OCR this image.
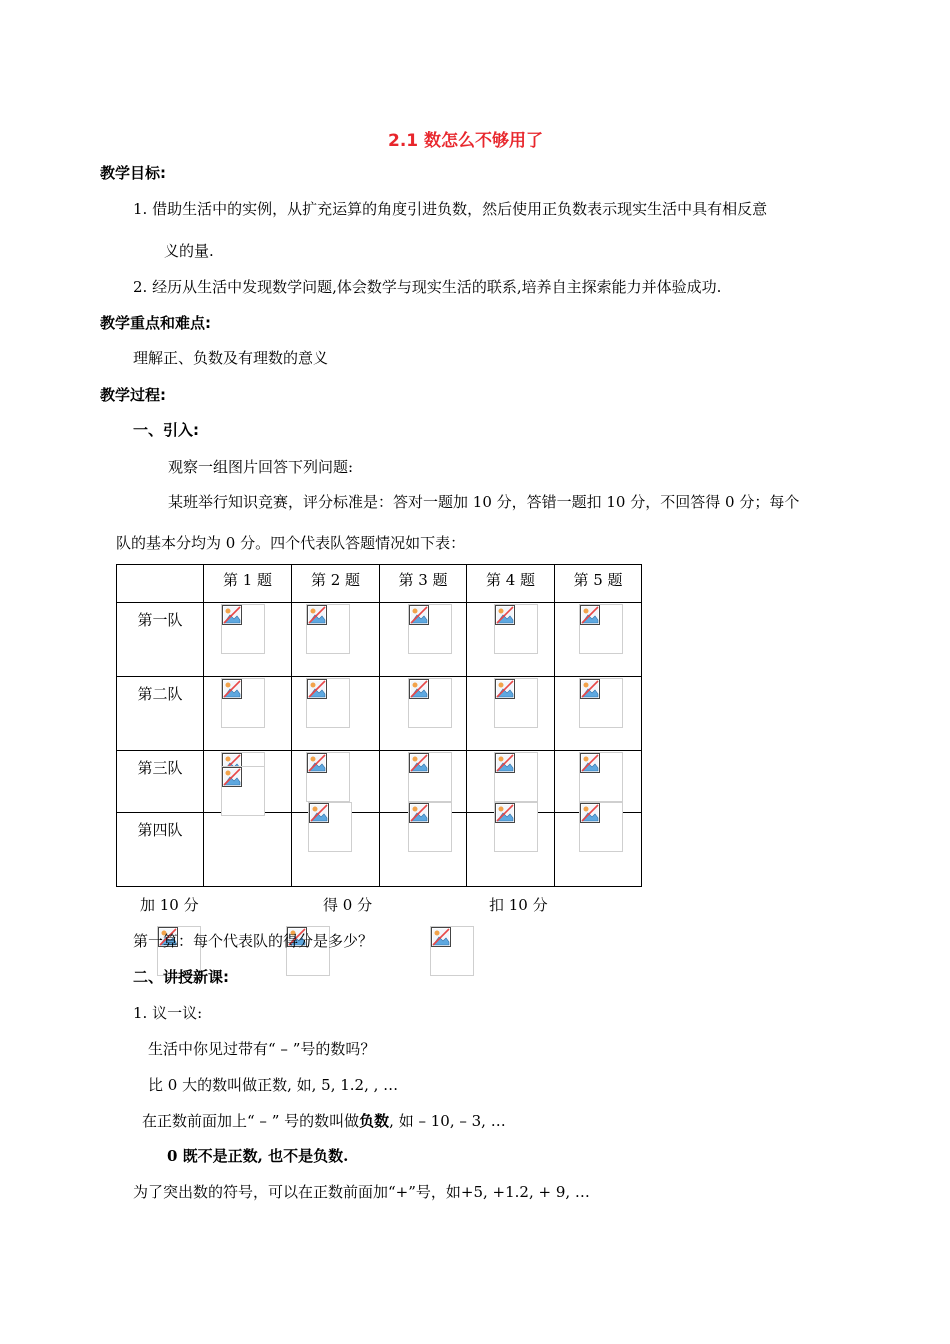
2.1 数怎么不够用了
教学目标:
1. 借助生活中的实例，从扩充运算的角度引进负数，然后使用正负数表示现实生活中具有相反意
义的量.
2. 经历从生活中发现数学问题,体会数学与现实生活的联系,培养自主探索能力并体验成功.
教学重点和难点:
理解正、负数及有理数的意义
教学过程:
一、引入:
观察一组图片回答下列问题:
某班举行知识竞赛，评分标准是：答对一题加 10 分，答错一题扣 10 分，不回答得 0 分；每个
队的基本分均为 0 分。四个代表队答题情况如下表：
	第 1 题	第 2 题	第 3 题	第 4 题	第 5 题
第一队					
第二队					
第三队					
第四队					
加 10 分	得 0 分	扣 10 分
第一算：每个代表队的得分是多少？
二、讲授新课:
1. 议一议:
生活中你见过带有“ – ”号的数吗？
比 0 大的数叫做正数, 如, 5, 1.2, , …
在正数前面加上“ – ” 号的数叫做负数, 如 – 10, – 3, …
0 既不是正数, 也不是负数.
为了突出数的符号，可以在正数前面加“+”号，如+5, +1.2, + 9, …
